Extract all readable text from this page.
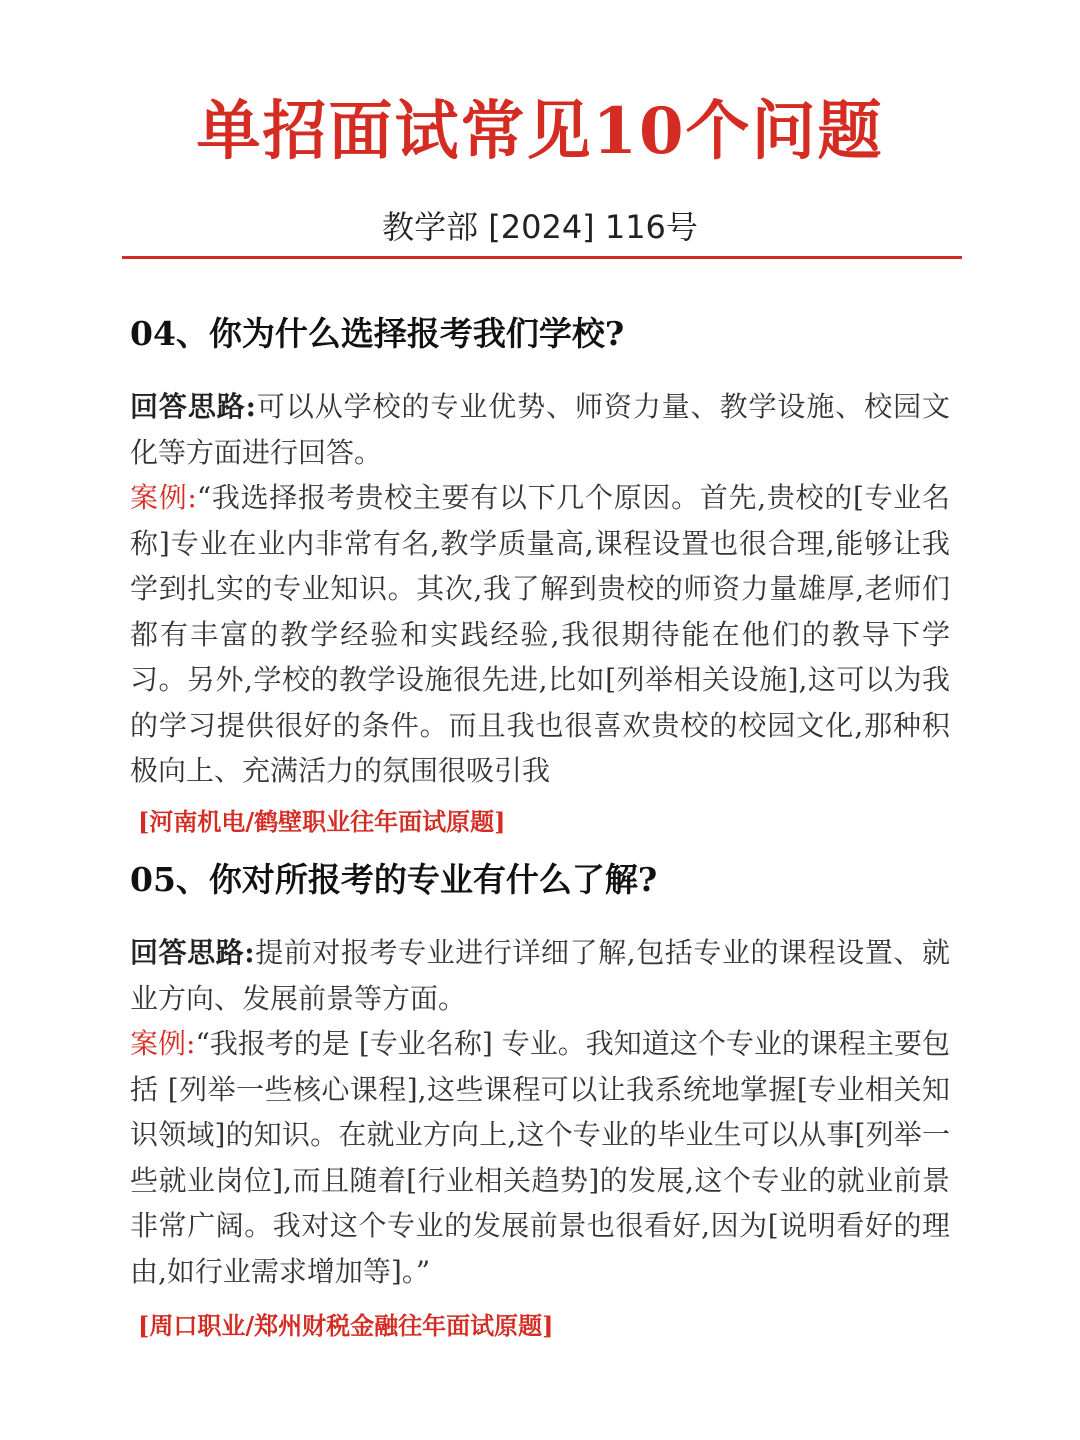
单招面试常见10个问题
教学部 [2024] 116号
04、你为什么选择报考我们学校?

回答思路:可以从学校的专业优势、师资力量、教学设施、校园文化等方面进行回答。

案例:“我选择报考贵校主要有以下几个原因。首先,贵校的[专业名称]专业在业内非常有名,教学质量高,课程设置也很合理,能够让我学到扎实的专业知识。其次,我了解到贵校的师资力量雄厚,老师们都有丰富的教学经验和实践经验,我很期待能在他们的教导下学习。另外,学校的教学设施很先进,比如[列举相关设施],这可以为我的学习提供很好的条件。而且我也很喜欢贵校的校园文化,那种积极向上、充满活力的氛围很吸引我

[河南机电/鹤壁职业往年面试原题]

05、你对所报考的专业有什么了解?

回答思路:提前对报考专业进行详细了解,包括专业的课程设置、就业方向、发展前景等方面。

案例:“我报考的是 [专业名称] 专业。我知道这个专业的课程主要包括 [列举一些核心课程],这些课程可以让我系统地掌握[专业相关知识领域]的知识。在就业方向上,这个专业的毕业生可以从事[列举一些就业岗位],而且随着[行业相关趋势]的发展,这个专业的就业前景非常广阔。我对这个专业的发展前景也很看好,因为[说明看好的理由,如行业需求增加等]。”

[周口职业/郑州财税金融往年面试原题]
